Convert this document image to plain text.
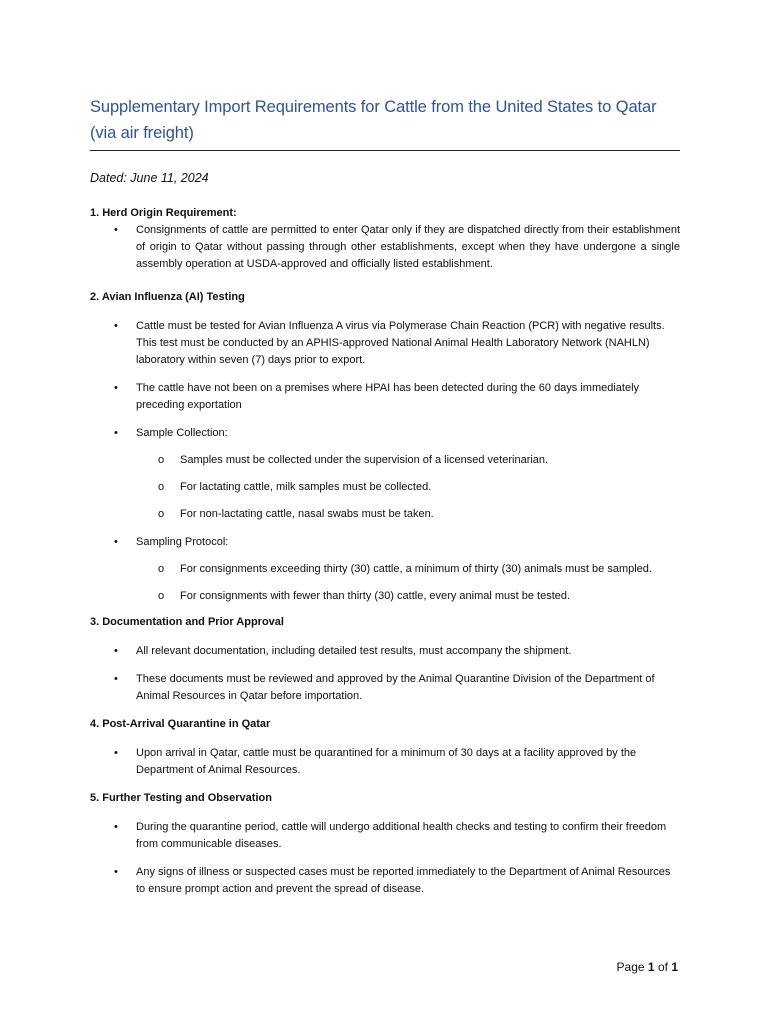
Supplementary Import Requirements for Cattle from the United States to Qatar (via air freight)

Dated: June 11, 2024

1. Herd Origin Requirement:

• Consignments of cattle are permitted to enter Qatar only if they are dispatched directly from their establishment of origin to Qatar without passing through other establishments, except when they have undergone a single assembly operation at USDA-approved and officially listed establishment.

2. Avian Influenza (AI) Testing

• Cattle must be tested for Avian Influenza A virus via Polymerase Chain Reaction (PCR) with negative results. This test must be conducted by an APHIS-approved National Animal Health Laboratory Network (NAHLN) laboratory within seven (7) days prior to export.
• The cattle have not been on a premises where HPAI has been detected during the 60 days immediately preceding exportation
• Sample Collection:
o Samples must be collected under the supervision of a licensed veterinarian.
o For lactating cattle, milk samples must be collected.
o For non-lactating cattle, nasal swabs must be taken.
• Sampling Protocol:
o For consignments exceeding thirty (30) cattle, a minimum of thirty (30) animals must be sampled.
o For consignments with fewer than thirty (30) cattle, every animal must be tested.

3. Documentation and Prior Approval

• All relevant documentation, including detailed test results, must accompany the shipment.
• These documents must be reviewed and approved by the Animal Quarantine Division of the Department of Animal Resources in Qatar before importation.

4. Post-Arrival Quarantine in Qatar

• Upon arrival in Qatar, cattle must be quarantined for a minimum of 30 days at a facility approved by the Department of Animal Resources.

5. Further Testing and Observation

• During the quarantine period, cattle will undergo additional health checks and testing to confirm their freedom from communicable diseases.
• Any signs of illness or suspected cases must be reported immediately to the Department of Animal Resources to ensure prompt action and prevent the spread of disease.
Page 1 of 1
